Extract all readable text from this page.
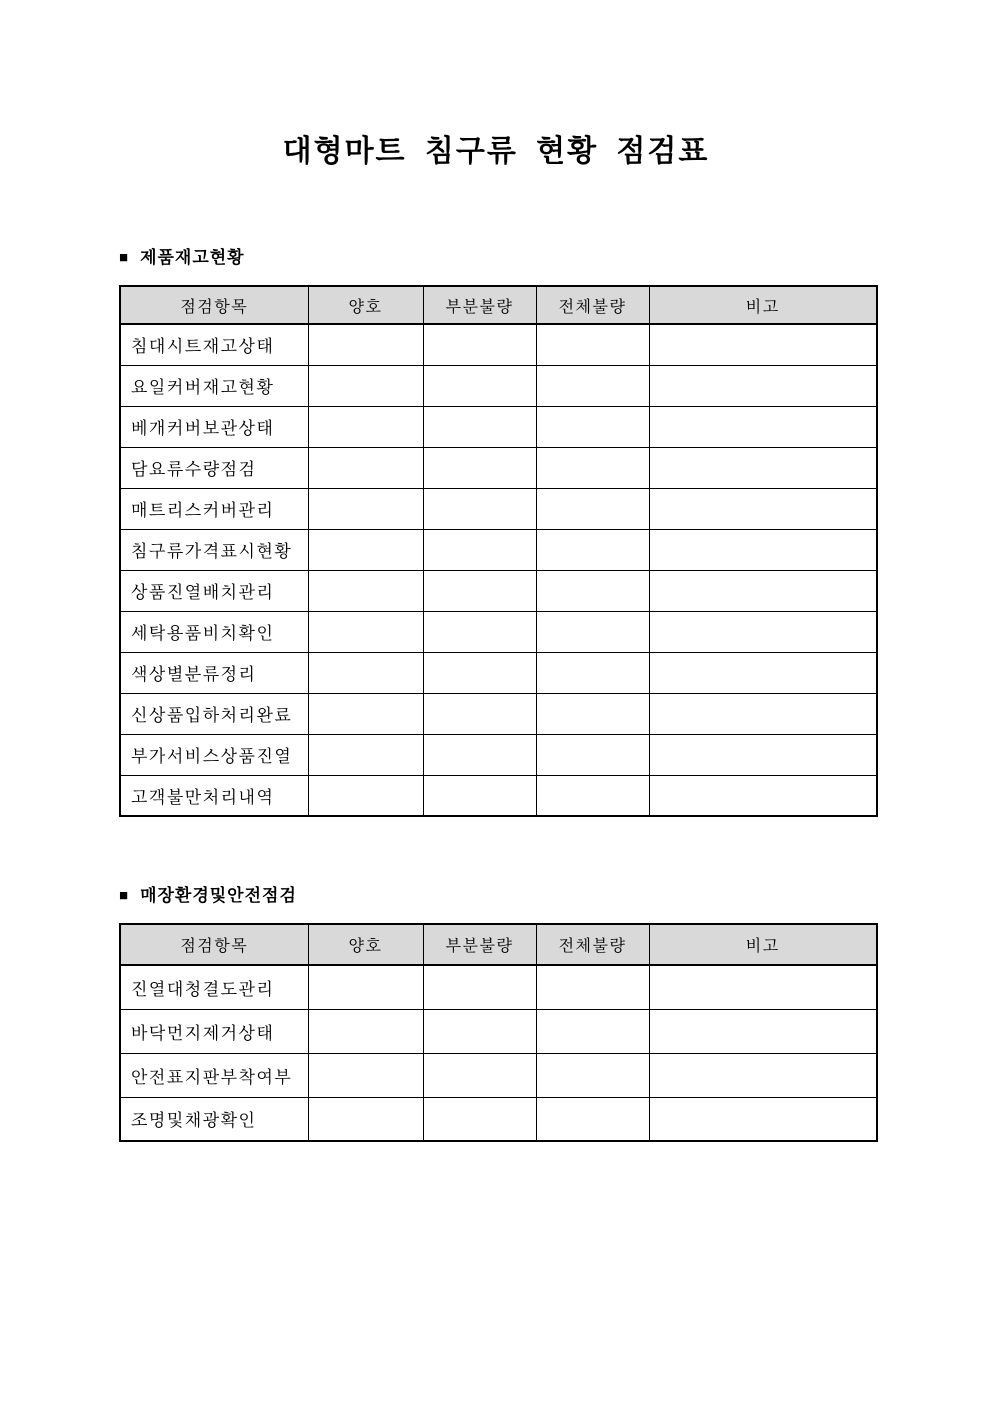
대형마트 침구류 현황 점검표
■ 제품재고현황
점검항목	양호	부분불량	전체불량	비고
침대시트재고상태				
요일커버재고현황				
베개커버보관상태				
담요류수량점검				
매트리스커버관리				
침구류가격표시현황				
상품진열배치관리				
세탁용품비치확인				
색상별분류정리				
신상품입하처리완료				
부가서비스상품진열				
고객불만처리내역				
■ 매장환경및안전점검
점검항목	양호	부분불량	전체불량	비고
진열대청결도관리				
바닥먼지제거상태				
안전표지판부착여부				
조명및채광확인				
